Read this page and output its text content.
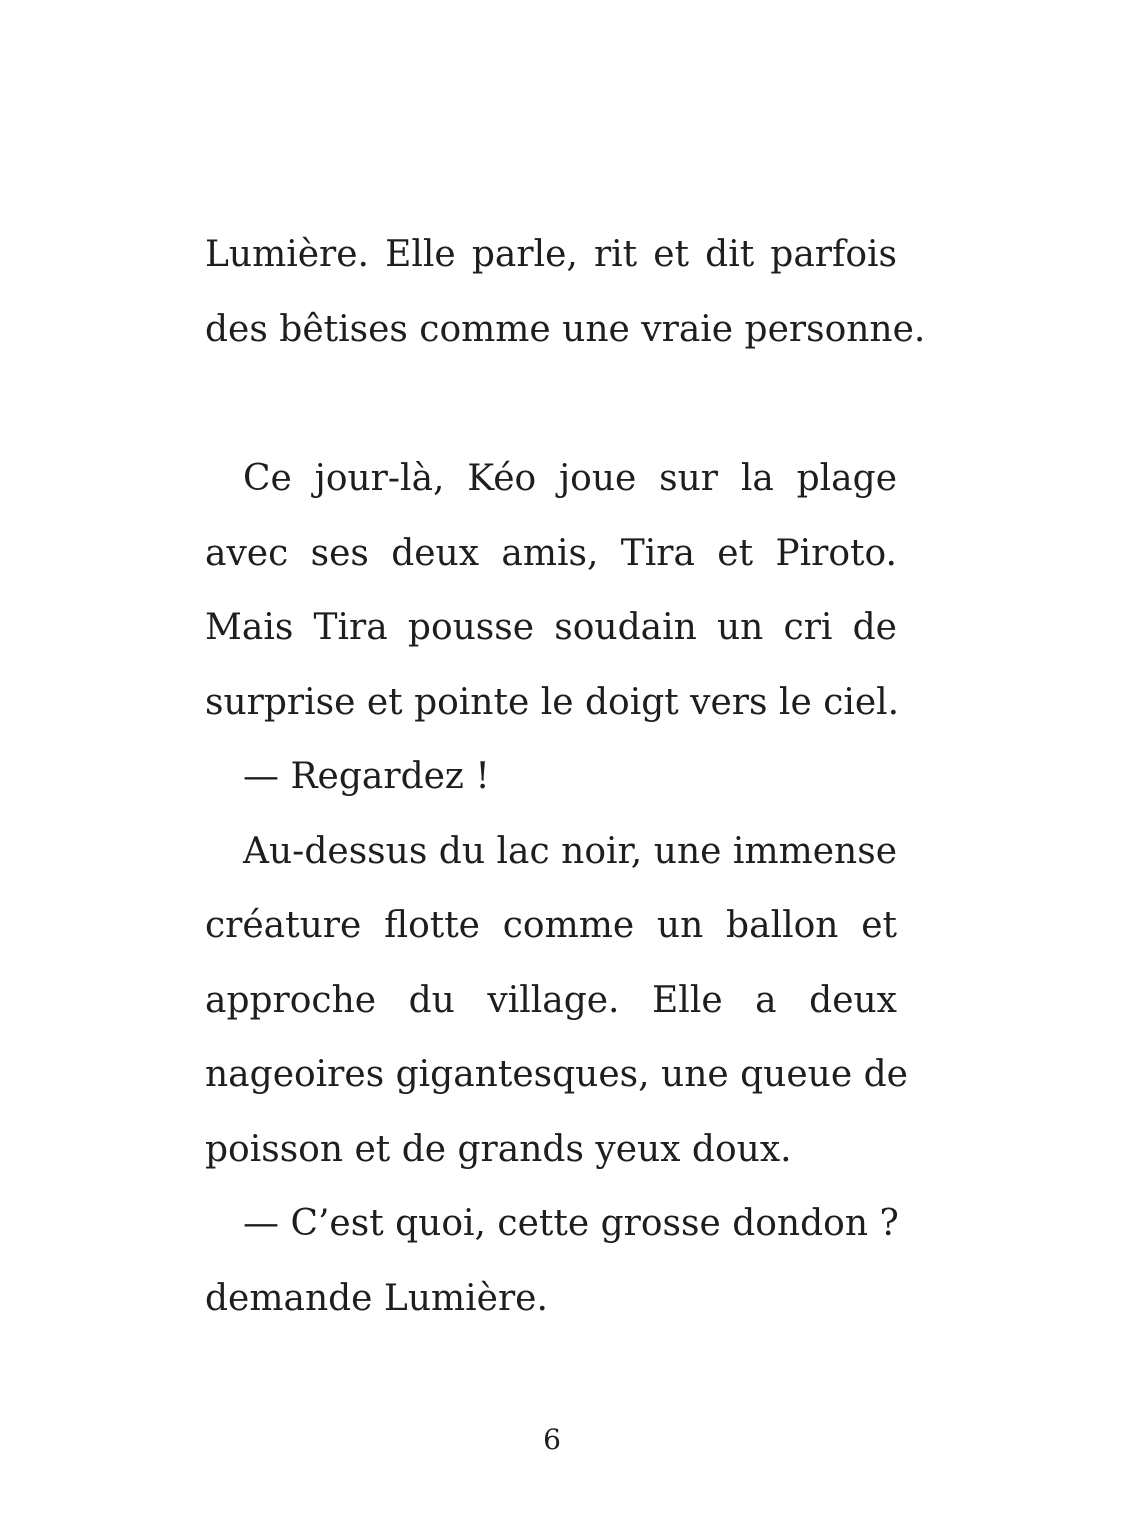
Lumière. Elle parle, rit et dit parfois
des bêtises comme une vraie personne.
Ce jour-là, Kéo joue sur la plage
avec ses deux amis, Tira et Piroto.
Mais Tira pousse soudain un cri de
surprise et pointe le doigt vers le ciel.
— Regardez !
Au-dessus du lac noir, une immense
créature flotte comme un ballon et
approche du village. Elle a deux
nageoires gigantesques, une queue de
poisson et de grands yeux doux.
— C’est quoi, cette grosse dondon ?
demande Lumière.
6
